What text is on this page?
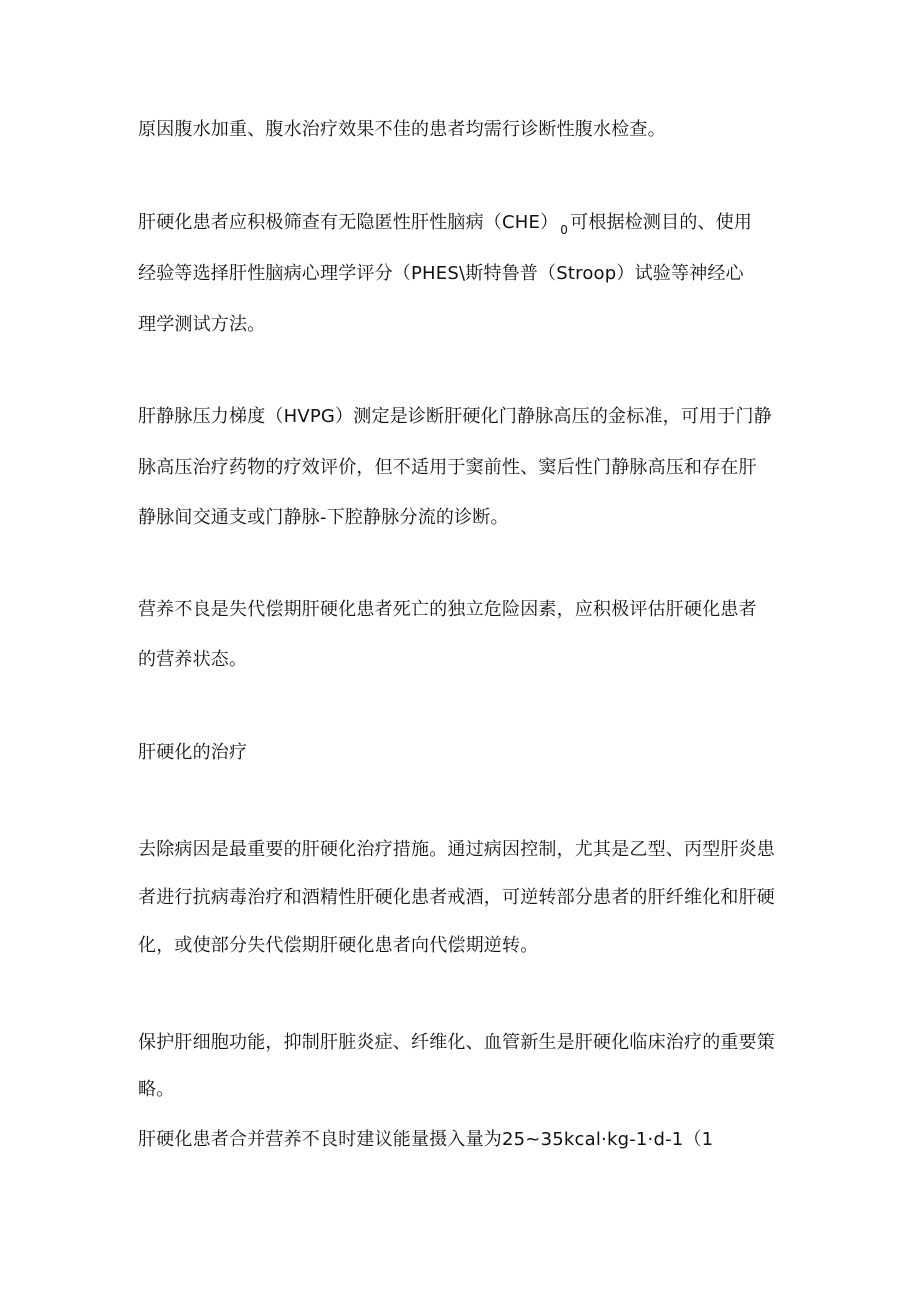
原因腹水加重、腹水治疗效果不佳的患者均需行诊断性腹水检查。
肝硬化患者应积极筛查有无隐匿性肝性脑病（CHE） $_0$ 可根据检测目的、使用
经验等选择肝性脑病心理学评分（PHES\斯特鲁普（Stroop）试验等神经心
理学测试方法。
肝静脉压力梯度（HVPG）测定是诊断肝硬化门静脉高压的金标准，可用于门静
脉高压治疗药物的疗效评价，但不适用于窦前性、窦后性门静脉高压和存在肝
静脉间交通支或门静脉-下腔静脉分流的诊断。
营养不良是失代偿期肝硬化患者死亡的独立危险因素，应积极评估肝硬化患者
的营养状态。
肝硬化的治疗
去除病因是最重要的肝硬化治疗措施。通过病因控制，尤其是乙型、丙型肝炎患
者进行抗病毒治疗和酒精性肝硬化患者戒酒，可逆转部分患者的肝纤维化和肝硬
化，或使部分失代偿期肝硬化患者向代偿期逆转。
保护肝细胞功能，抑制肝脏炎症、纤维化、血管新生是肝硬化临床治疗的重要策
略。
肝硬化患者合并营养不良时建议能量摄入量为25~35kcal·kg-1·d-1（1
